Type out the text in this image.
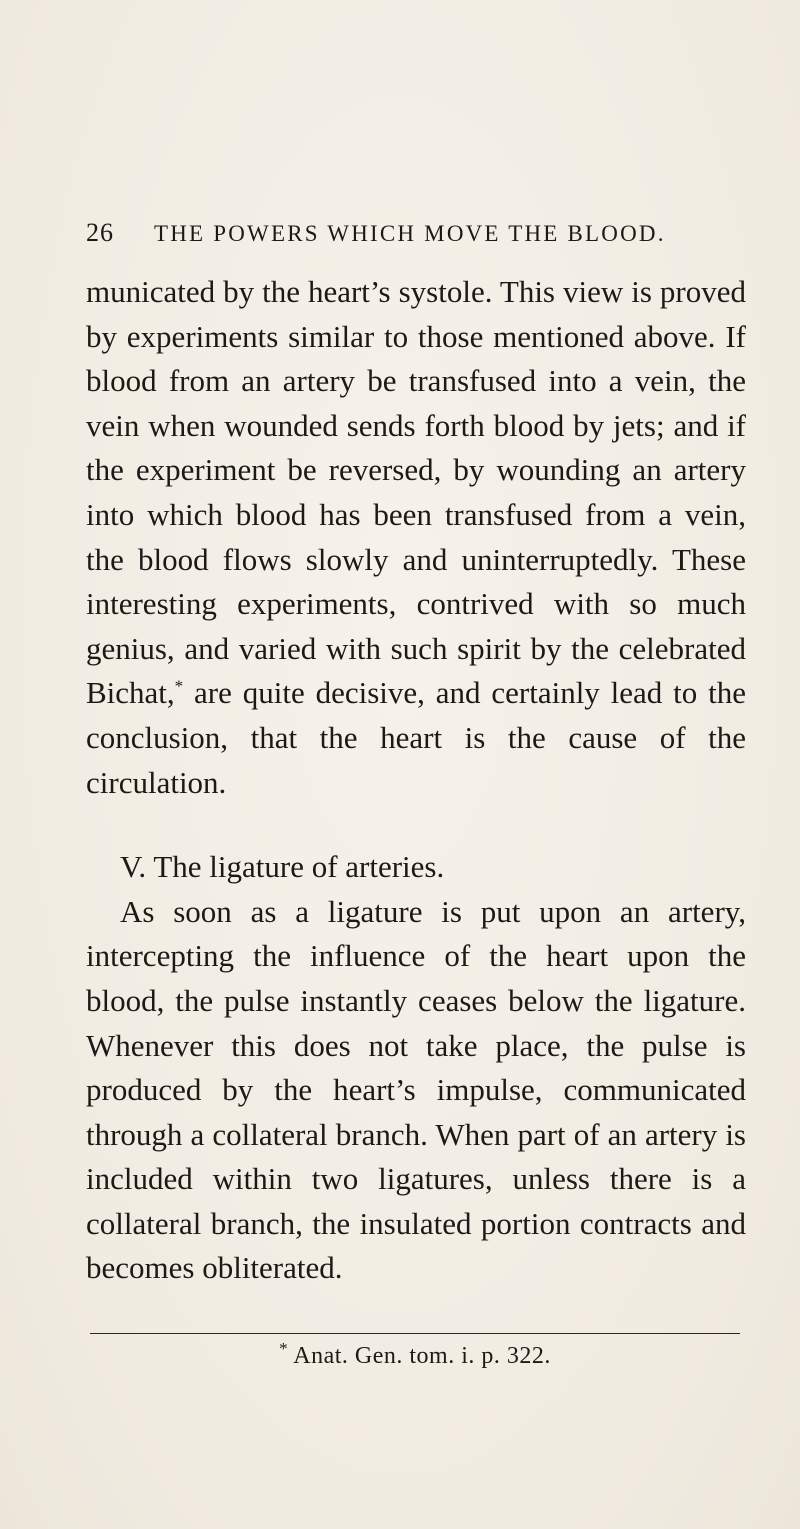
26	THE POWERS WHICH MOVE THE BLOOD.

municated by the heart’s systole. This view is proved by experiments similar to those mentioned above. If blood from an artery be transfused into a vein, the vein when wounded sends forth blood by jets; and if the experiment be reversed, by wounding an artery into which blood has been transfused from a vein, the blood flows slowly and uninterruptedly. These interesting experiments, contrived with so much genius, and varied with such spirit by the celebrated Bichat,* are quite decisive, and certainly lead to the conclusion, that the heart is the cause of the circulation.

V. The ligature of arteries.

As soon as a ligature is put upon an artery, intercepting the influence of the heart upon the blood, the pulse instantly ceases below the ligature. Whenever this does not take place, the pulse is produced by the heart’s impulse, communicated through a collateral branch. When part of an artery is included within two ligatures, unless there is a collateral branch, the insulated portion contracts and becomes obliterated.

* Anat. Gen. tom. i. p. 322.
